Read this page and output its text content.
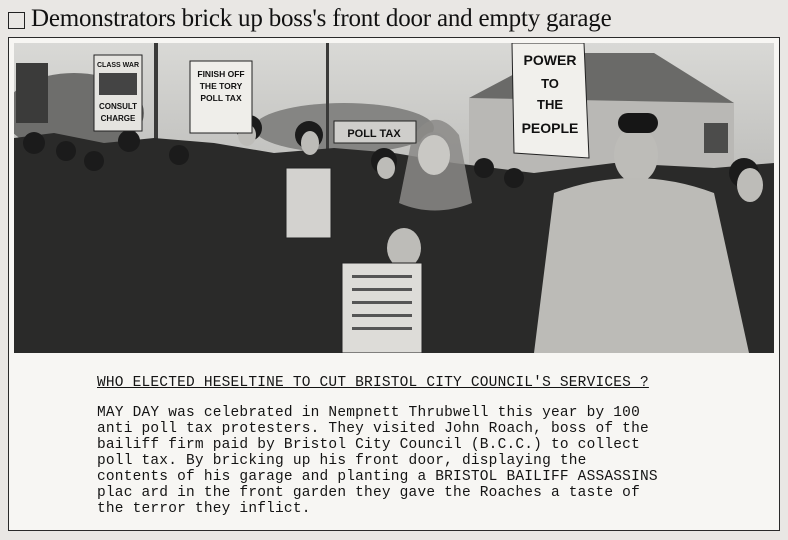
Demonstrators brick up boss's front door and empty garage
CLASS WAR
CONSULT
CHARGE
FINISH OFF
THE TORY
POLL TAX
POLL TAX
POWER
TO
THE
PEOPLE
WHO ELECTED HESELTINE TO CUT BRISTOL CITY COUNCIL'S SERVICES ?
MAY DAY was celebrated in Nempnett Thrubwell this year by 100
anti poll tax protesters. They visited John Roach, boss of the
bailiff firm paid by Bristol City Council (B.C.C.) to collect
poll tax. By bricking up his front door, displaying the
contents of his garage and planting a BRISTOL BAILIFF ASSASSINS
plac ard in the front garden they gave the Roaches a taste of
the terror they inflict.
